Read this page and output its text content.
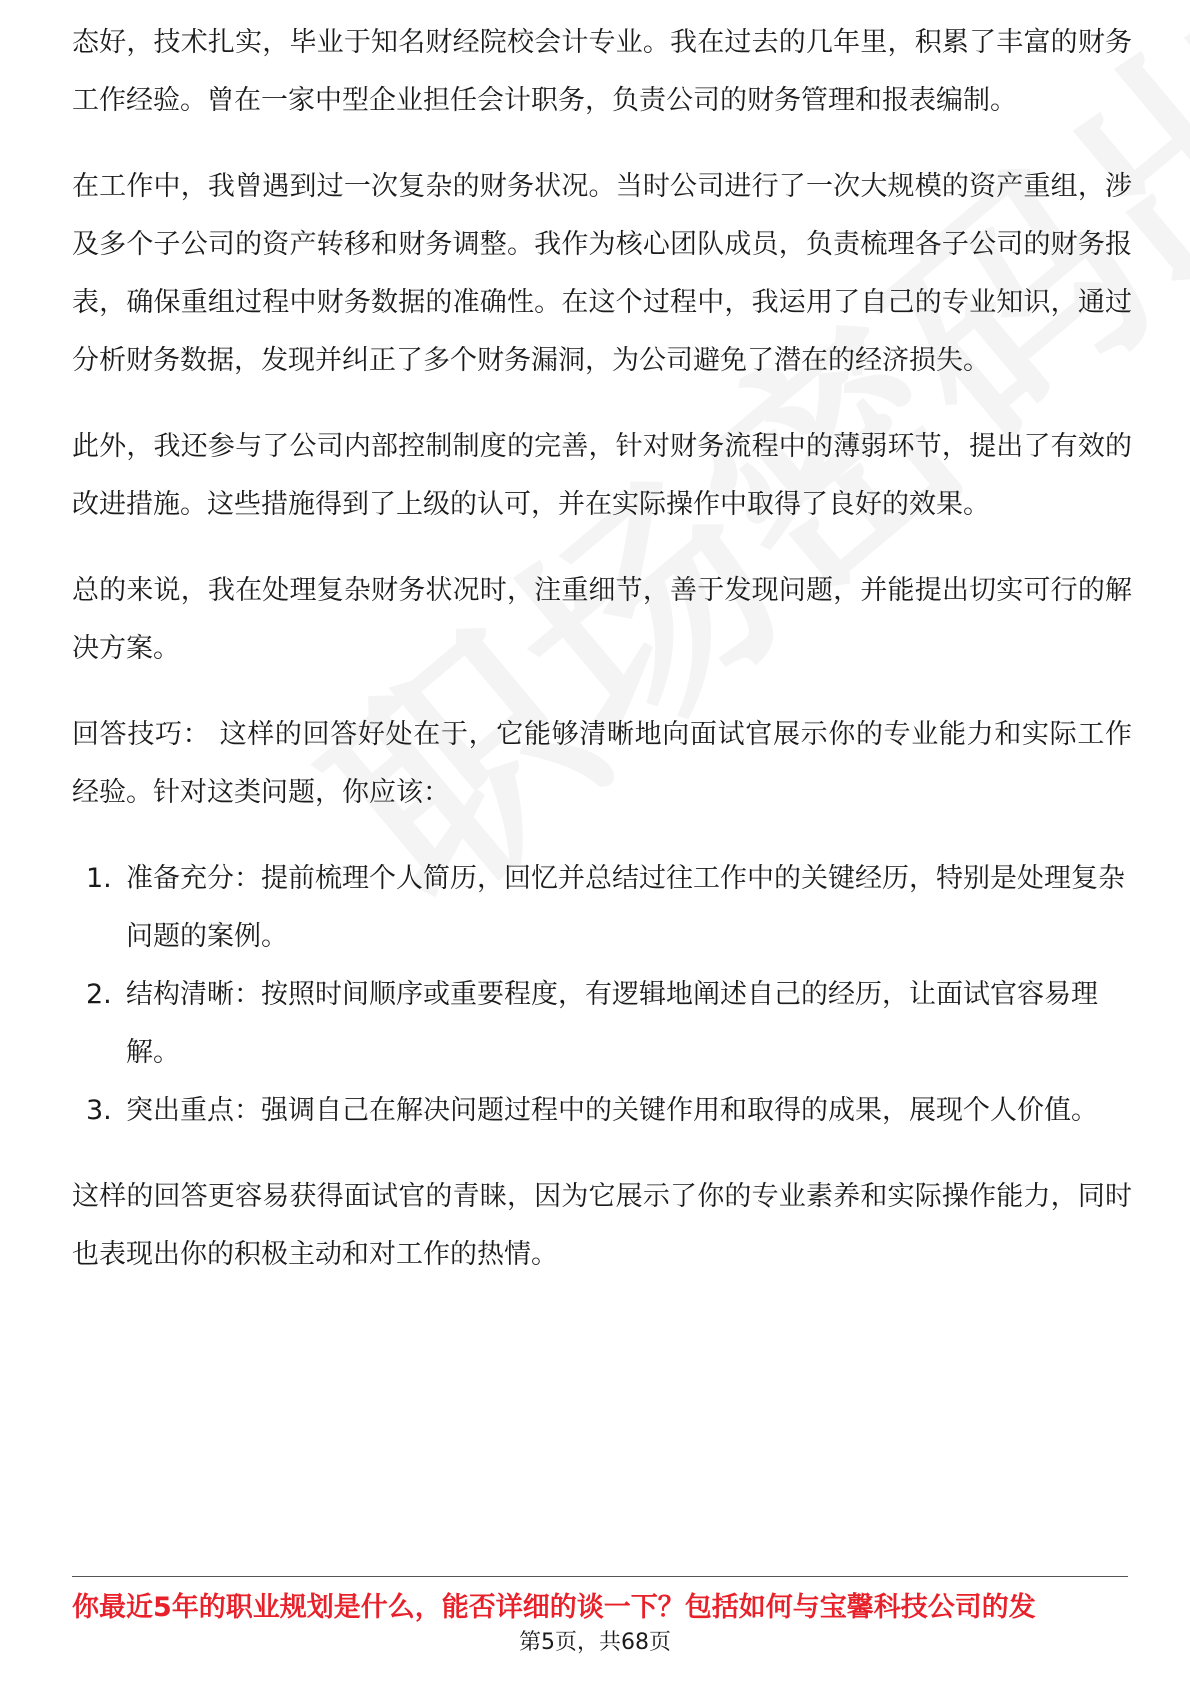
态好，技术扎实，毕业于知名财经院校会计专业。我在过去的几年里，积累了丰富的财务工作经验。曾在一家中型企业担任会计职务，负责公司的财务管理和报表编制。

在工作中，我曾遇到过一次复杂的财务状况。当时公司进行了一次大规模的资产重组，涉及多个子公司的资产转移和财务调整。我作为核心团队成员，负责梳理各子公司的财务报表，确保重组过程中财务数据的准确性。在这个过程中，我运用了自己的专业知识，通过分析财务数据，发现并纠正了多个财务漏洞，为公司避免了潜在的经济损失。

此外，我还参与了公司内部控制制度的完善，针对财务流程中的薄弱环节，提出了有效的改进措施。这些措施得到了上级的认可，并在实际操作中取得了良好的效果。

总的来说，我在处理复杂财务状况时，注重细节，善于发现问题，并能提出切实可行的解决方案。

回答技巧： 这样的回答好处在于，它能够清晰地向面试官展示你的专业能力和实际工作经验。针对这类问题，你应该：

1. 准备充分：提前梳理个人简历，回忆并总结过往工作中的关键经历，特别是处理复杂问题的案例。
2. 结构清晰：按照时间顺序或重要程度，有逻辑地阐述自己的经历，让面试官容易理解。
3. 突出重点：强调自己在解决问题过程中的关键作用和取得的成果，展现个人价值。

这样的回答更容易获得面试官的青睐，因为它展示了你的专业素养和实际操作能力，同时也表现出你的积极主动和对工作的热情。

你最近5年的职业规划是什么，能否详细的谈一下？包括如何与宝馨科技公司的发
第5页，共68页
